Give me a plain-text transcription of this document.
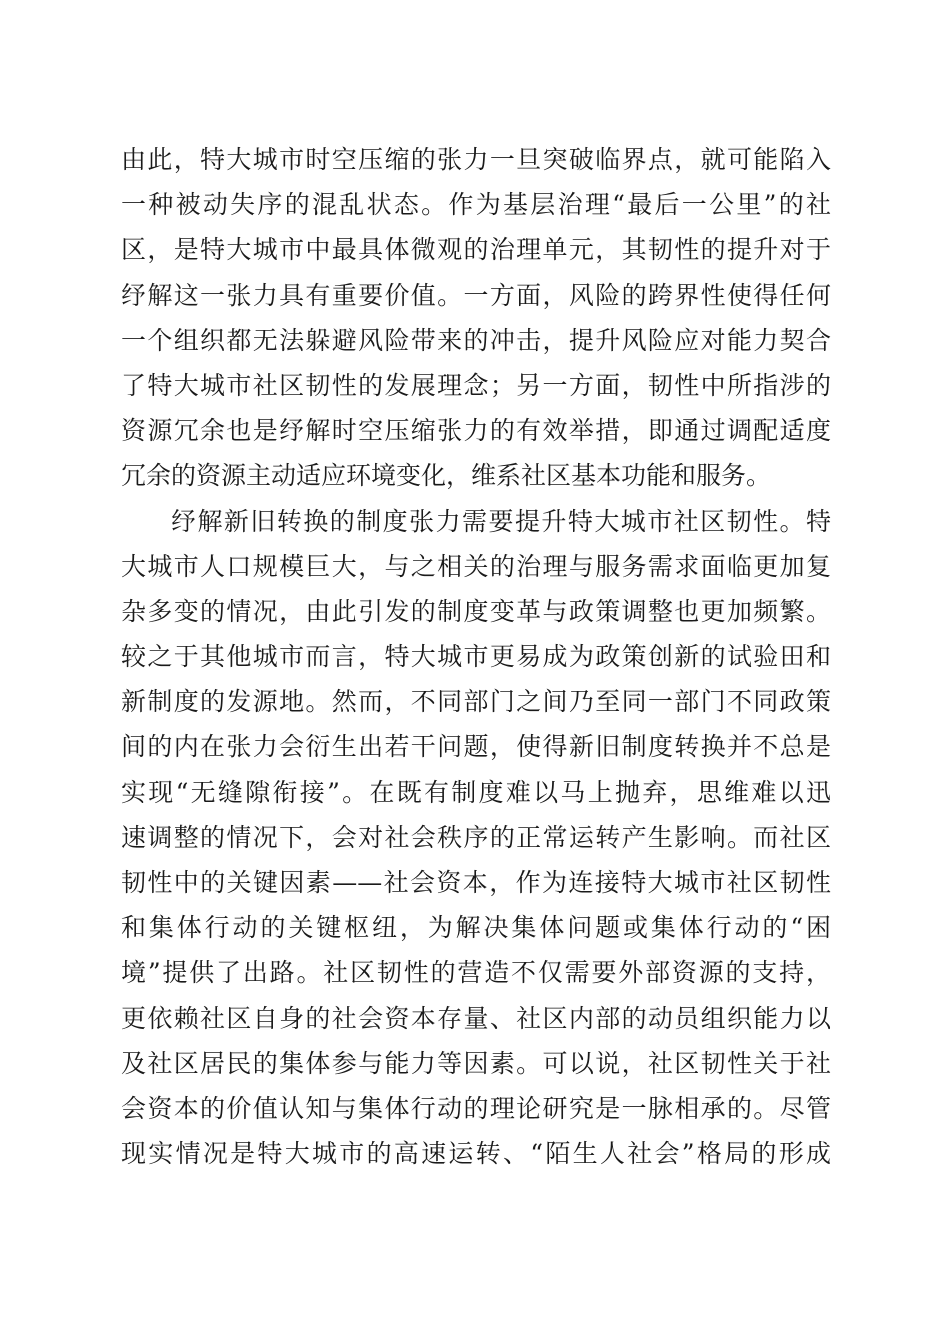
由此，特大城市时空压缩的张力一旦突破临界点，就可能陷入
一种被动失序的混乱状态。作为基层治理“最后一公里”的社
区，是特大城市中最具体微观的治理单元，其韧性的提升对于
纾解这一张力具有重要价值。一方面，风险的跨界性使得任何
一个组织都无法躲避风险带来的冲击，提升风险应对能力契合
了特大城市社区韧性的发展理念；另一方面，韧性中所指涉的
资源冗余也是纾解时空压缩张力的有效举措，即通过调配适度
冗余的资源主动适应环境变化，维系社区基本功能和服务。
纾解新旧转换的制度张力需要提升特大城市社区韧性。特
大城市人口规模巨大，与之相关的治理与服务需求面临更加复
杂多变的情况，由此引发的制度变革与政策调整也更加频繁。
较之于其他城市而言，特大城市更易成为政策创新的试验田和
新制度的发源地。然而，不同部门之间乃至同一部门不同政策
间的内在张力会衍生出若干问题，使得新旧制度转换并不总是
实现“无缝隙衔接”。在既有制度难以马上抛弃，思维难以迅
速调整的情况下，会对社会秩序的正常运转产生影响。而社区
韧性中的关键因素——社会资本，作为连接特大城市社区韧性
和集体行动的关键枢纽，为解决集体问题或集体行动的“困
境”提供了出路。社区韧性的营造不仅需要外部资源的支持，
更依赖社区自身的社会资本存量、社区内部的动员组织能力以
及社区居民的集体参与能力等因素。可以说，社区韧性关于社
会资本的价值认知与集体行动的理论研究是一脉相承的。尽管
现实情况是特大城市的高速运转、“陌生人社会”格局的形成
